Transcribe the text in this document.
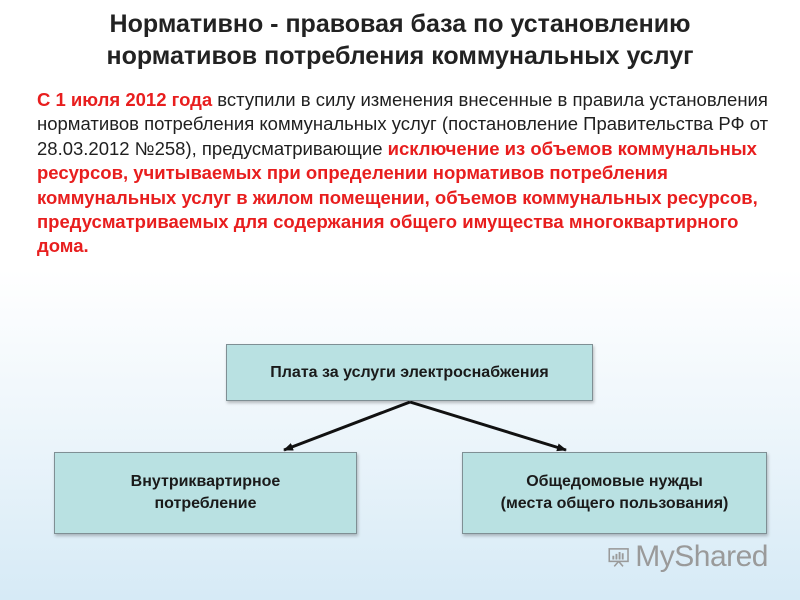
Нормативно - правовая база по установлению
нормативов потребления коммунальных услуг
С 1 июля 2012 года вступили в силу изменения внесенные в правила установления нормативов потребления коммунальных услуг (постановление Правительства РФ от 28.03.2012 №258), предусматривающие исключение из объемов коммунальных ресурсов, учитываемых при определении нормативов потребления коммунальных услуг в жилом помещении, объемов коммунальных ресурсов, предусматриваемых для содержания общего имущества многоквартирного дома.
Плата за услуги электроснабжения
Внутриквартирное
потребление
Общедомовые нужды
(места общего пользования)
MyShared
